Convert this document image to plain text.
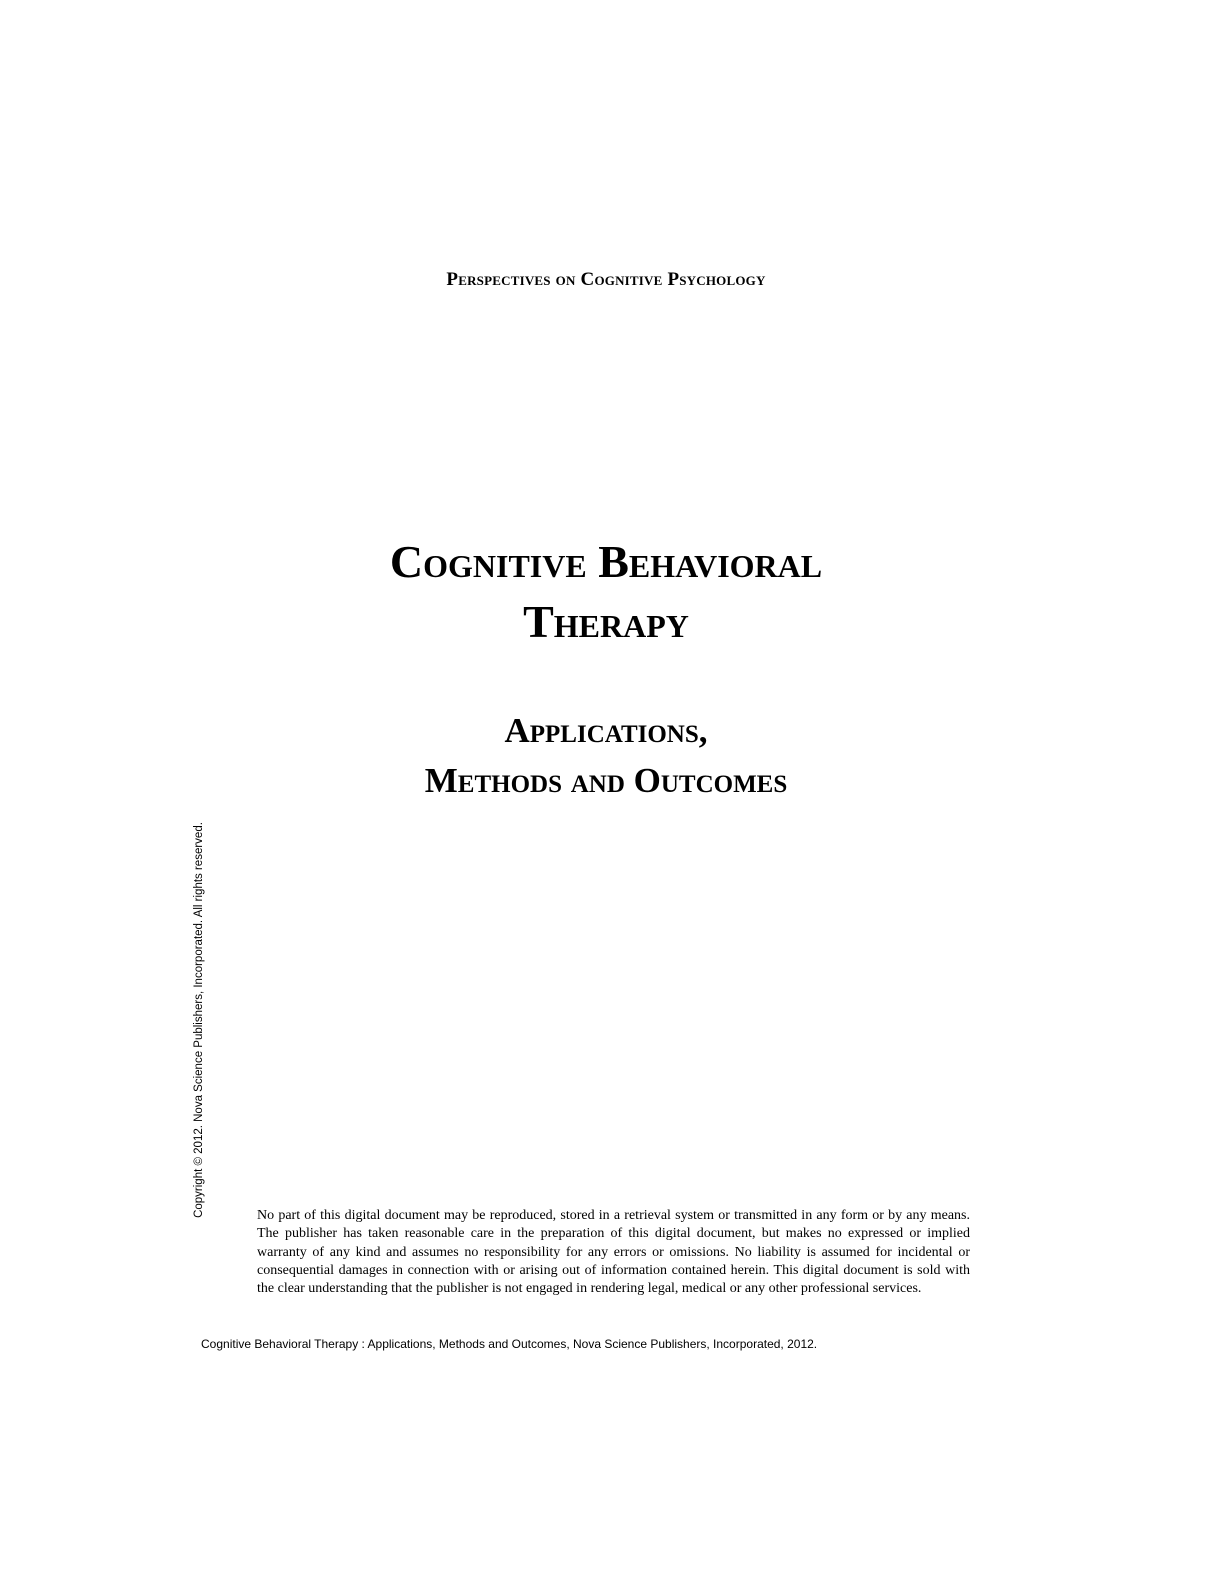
Perspectives on Cognitive Psychology
Cognitive Behavioral
Therapy
Applications,
Methods and Outcomes
Copyright © 2012. Nova Science Publishers, Incorporated. All rights reserved.	No part of this digital document may be reproduced, stored in a retrieval system or transmitted in any form or by any means. The publisher has taken reasonable care in the preparation of this digital document, but makes no expressed or implied warranty of any kind and assumes no responsibility for any errors or omissions. No liability is assumed for incidental or consequential damages in connection with or arising out of information contained herein. This digital document is sold with the clear understanding that the publisher is not engaged in rendering legal, medical or any other professional services.
Cognitive Behavioral Therapy : Applications, Methods and Outcomes, Nova Science Publishers, Incorporated, 2012.
